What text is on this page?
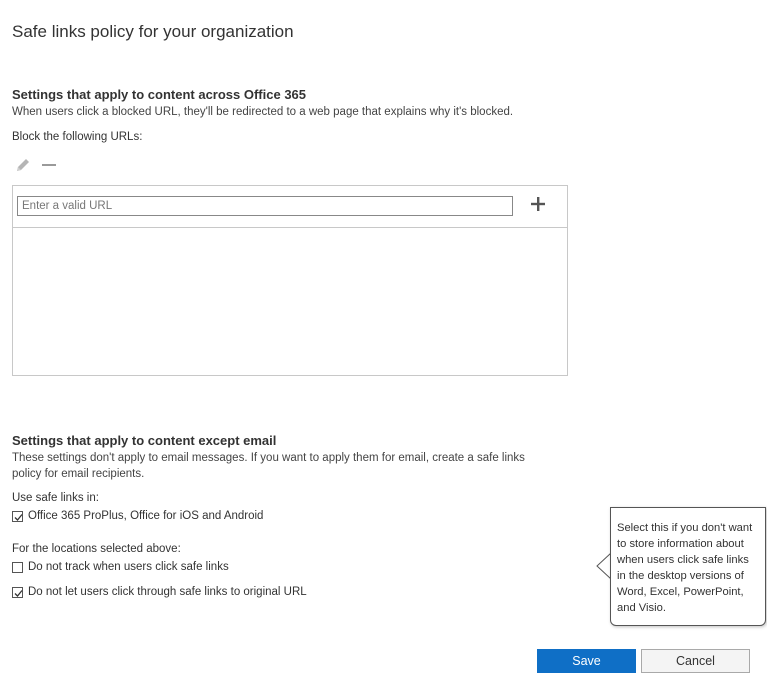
Safe links policy for your organization
Settings that apply to content across Office 365
When users click a blocked URL, they'll be redirected to a web page that explains why it's blocked.
Block the following URLs:
Enter a valid URL
Settings that apply to content except email
These settings don't apply to email messages. If you want to apply them for email, create a safe links
policy for email recipients.
Use safe links in:
Office 365 ProPlus, Office for iOS and Android
For the locations selected above:
Do not track when users click safe links
Do not let users click through safe links to original URL
Select this if you don't want
to store information about
when users click safe links
in the desktop versions of
Word, Excel, PowerPoint,
and Visio.
Save	Cancel
